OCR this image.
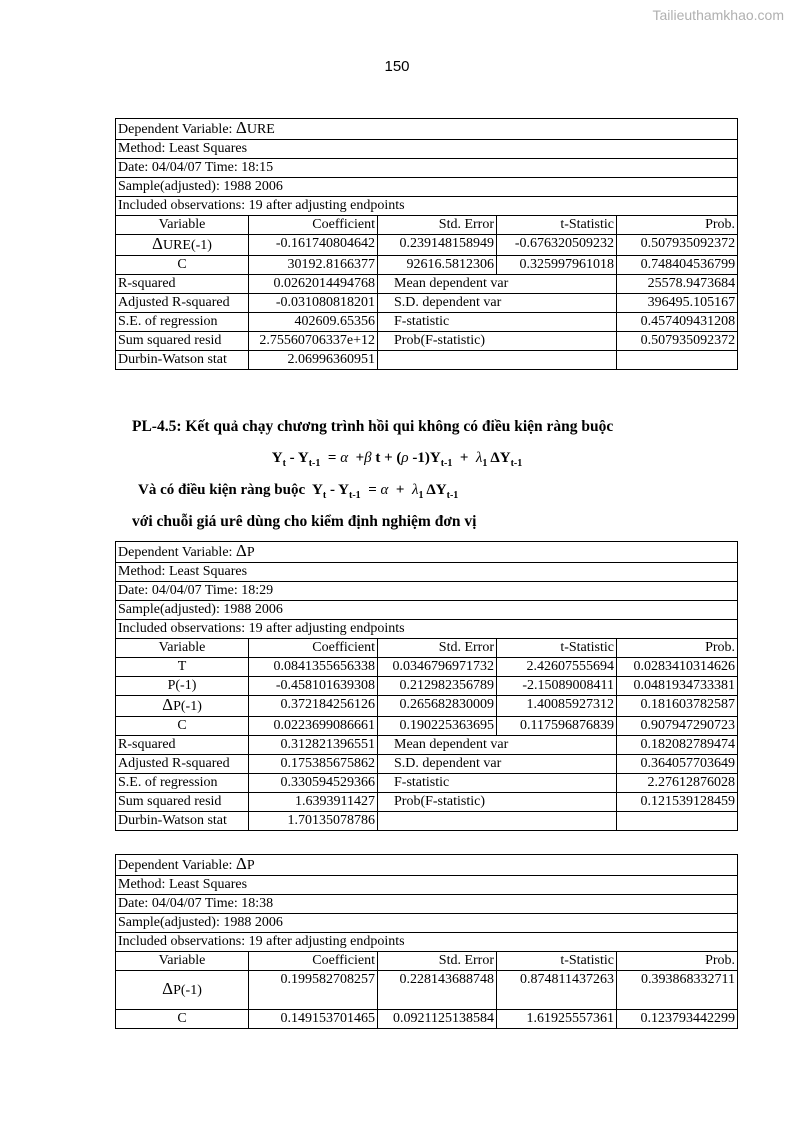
Tailieuthamkhao.com
150
Dependent Variable: ΔURE				
Method: Least Squares				
Date: 04/04/07 Time: 18:15				
Sample(adjusted): 1988 2006				
Included observations: 19 after adjusting endpoints				
Variable	Coefficient	Std. Error	t-Statistic	Prob.
ΔURE(-1)	-0.161740804642	0.239148158949	-0.676320509232	0.507935092372
C	30192.8166377	92616.5812306	0.325997961018	0.748404536799
R-squared	0.0262014494768	Mean dependent var		25578.9473684
Adjusted R-squared	-0.031080818201	S.D. dependent var		396495.105167
S.E. of regression	402609.65356	F-statistic		0.457409431208
Sum squared resid	2.75560706337e+12	Prob(F-statistic)		0.507935092372
Durbin-Watson stat	2.06996360951			
PL-4.5: Kết quả chạy chương trình hồi qui không có điều kiện ràng buộc
$Y_t - Y_{t-1} = \alpha +\beta$ t + (ρ $-1)Y_{t-1} + \lambda_1$ $\Delta Y_{t-1}$
Và có điều kiện ràng buộc  $Y_t - Y_{t-1} = \alpha + \lambda_1$ $\Delta Y_{t-1}$
với chuỗi giá urê dùng cho kiểm định nghiệm đơn vị
Dependent Variable: ΔP				
Method: Least Squares				
Date: 04/04/07 Time: 18:29				
Sample(adjusted): 1988 2006				
Included observations: 19 after adjusting endpoints				
Variable	Coefficient	Std. Error	t-Statistic	Prob.
T	0.0841355656338	0.0346796971732	2.42607555694	0.0283410314626
P(-1)	-0.458101639308	0.212982356789	-2.15089008411	0.0481934733381
ΔP(-1)	0.372184256126	0.265682830009	1.40085927312	0.181603782587
C	0.0223699086661	0.190225363695	0.117596876839	0.907947290723
R-squared	0.312821396551	Mean dependent var		0.182082789474
Adjusted R-squared	0.175385675862	S.D. dependent var		0.364057703649
S.E. of regression	0.330594529366	F-statistic		2.27612876028
Sum squared resid	1.6393911427	Prob(F-statistic)		0.121539128459
Durbin-Watson stat	1.70135078786			
Dependent Variable: ΔP				
Method: Least Squares				
Date: 04/04/07 Time: 18:38				
Sample(adjusted): 1988 2006				
Included observations: 19 after adjusting endpoints				
Variable	Coefficient	Std. Error	t-Statistic	Prob.
ΔP(-1)	0.199582708257	0.228143688748	0.874811437263	0.393868332711
C	0.149153701465	0.0921125138584	1.61925557361	0.123793442299
